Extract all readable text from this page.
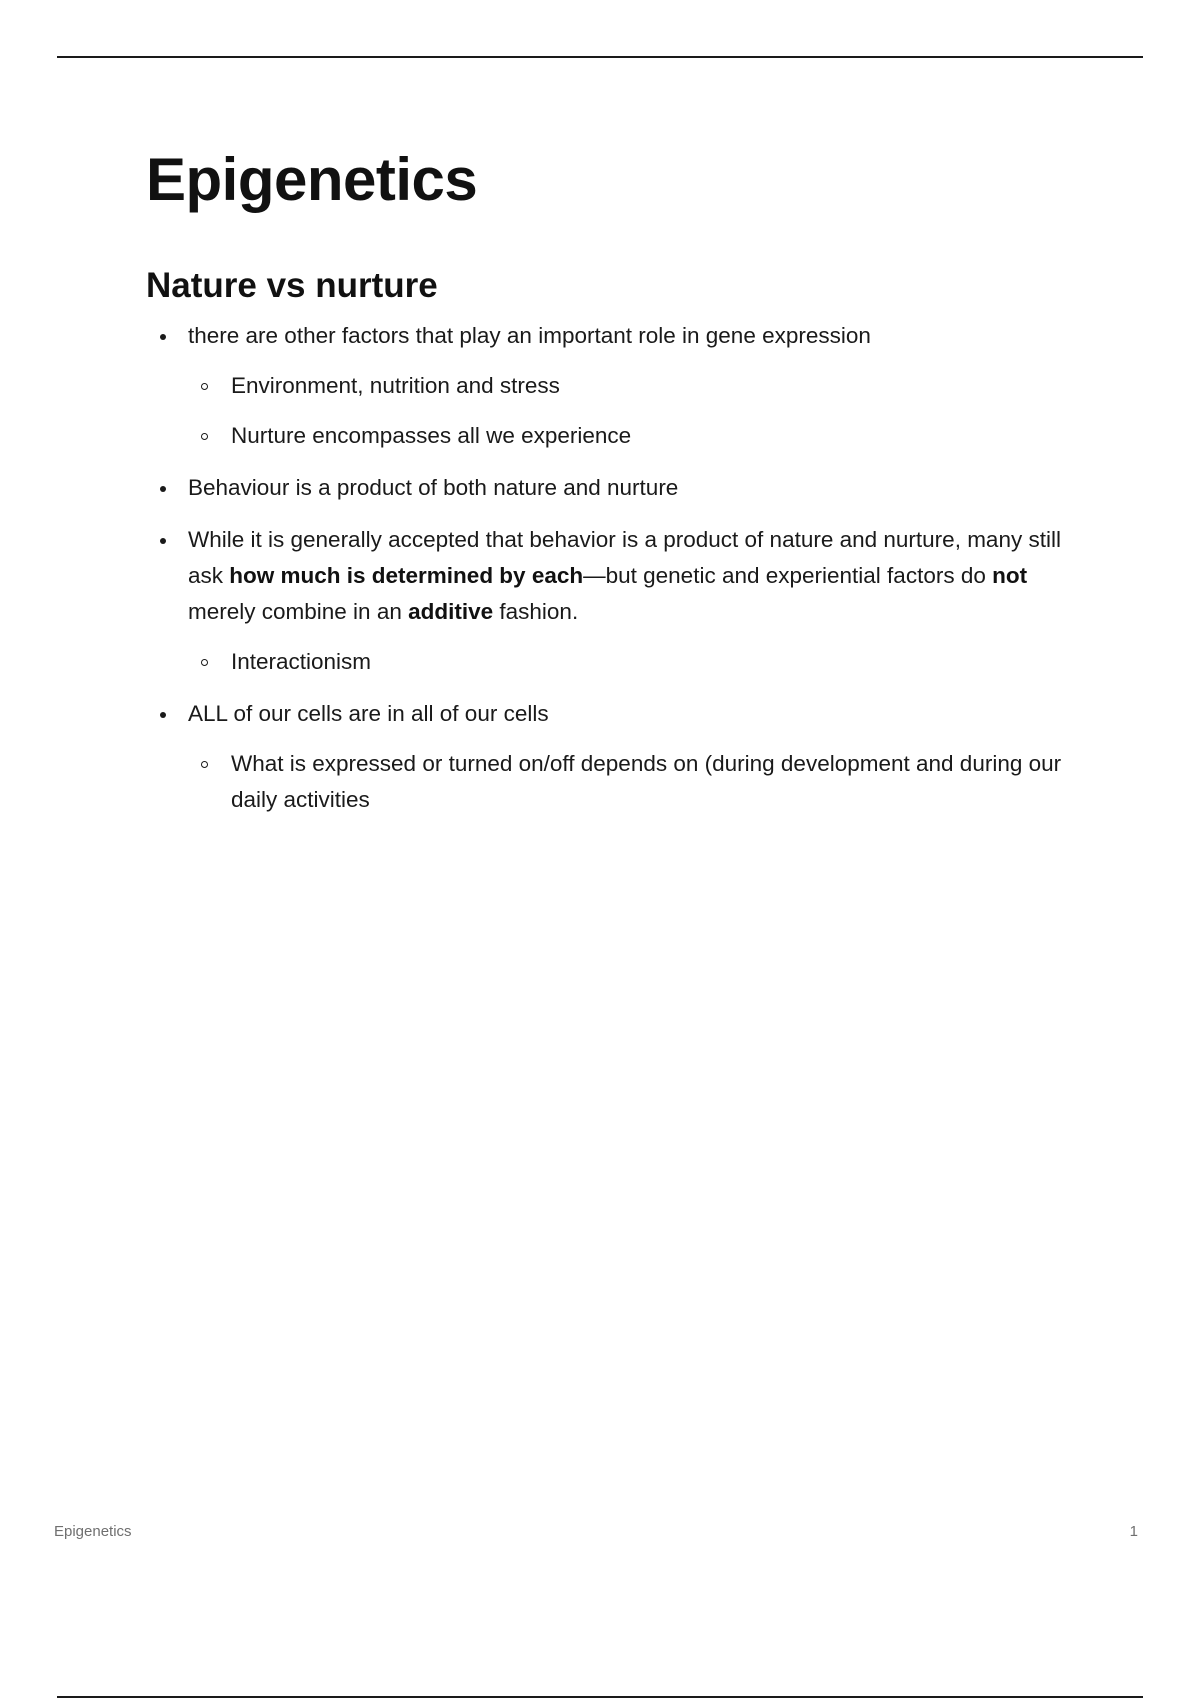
Epigenetics
Nature vs nurture
there are other factors that play an important role in gene expression
Environment, nutrition and stress
Nurture encompasses all we experience
Behaviour is a product of both nature and nurture
While it is generally accepted that behavior is a product of nature and nurture, many still ask how much is determined by each—but genetic and experiential factors do not merely combine in an additive fashion.
Interactionism
ALL of our cells are in all of our cells
What is expressed or turned on/off depends on (during development and during our daily activities
Epigenetics	1
